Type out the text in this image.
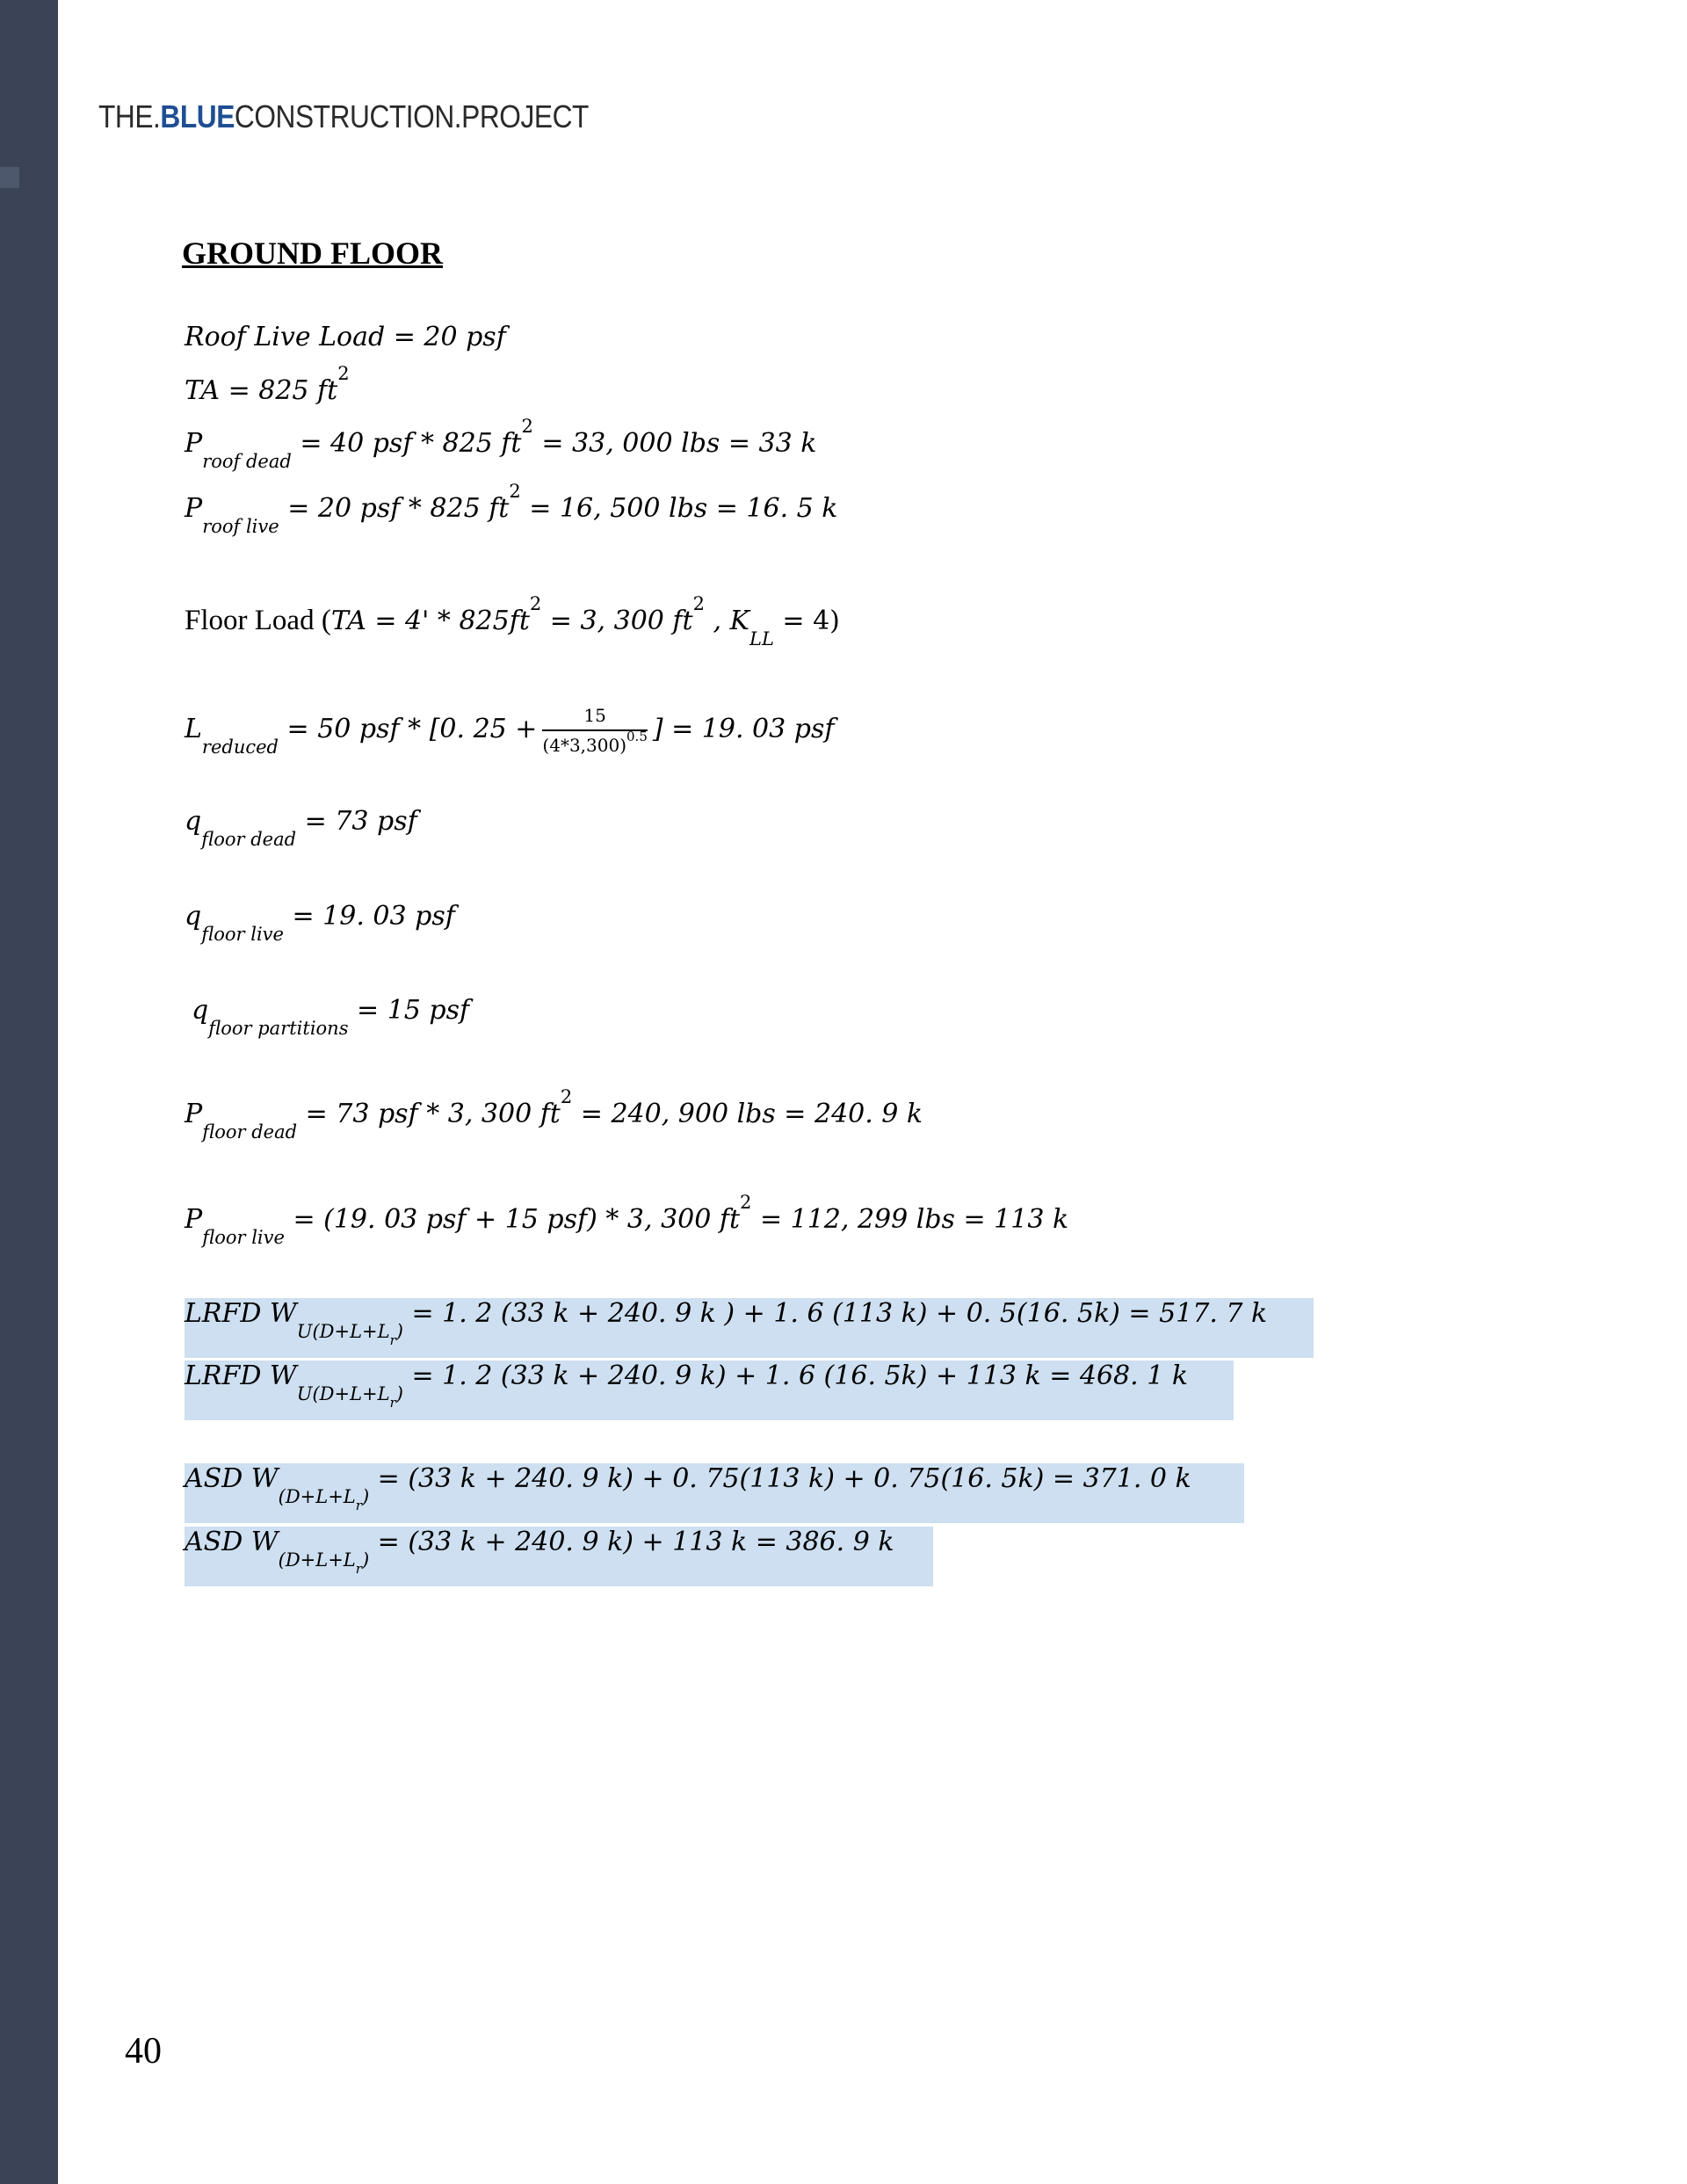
THE.BLUECONSTRUCTION.PROJECT
GROUND FLOOR
Roof Live Load = 20 psf
TA = 825 $ft^2$
$P_{roof dead} = 40$ psf * 825 $ft^2 = 33$, 000 lbs = 33 k
$P_{roof live} = 20$ psf * 825 $ft^2 = 16$, 500 lbs = 16. 5 k
Floor Load ($TA = 4' * 825ft^2 = 3$, 300 $ft^2$ , $K_{LL} = 4$)
$L_{reduced} = 50$ psf * [0. $25 + \frac{15}{(4*3,300)^{0.5}}$ ] = 19. 03 psf
$q_{floor dead} = 73$ psf
$q_{floor live} = 19$. 03 psf
$q_{floor partitions} = 15$ psf
$P_{floor dead} = 73$ psf * 3, 300 $ft^2 = 240$, 900 lbs = 240. 9 k
$P_{floor live} = (19$. 03 psf + 15 psf) * 3, 300 $ft^2 = 112$, 299 lbs = 113 k
LRFD $W_{U(D+L+L_r)} = 1$. 2 (33 k + 240. 9 k ) + 1. 6 (113 k) + 0. 5(16. 5k) = 517. 7 k
LRFD $W_{U(D+L+L_r)} = 1$. 2 (33 k + 240. 9 k) + 1. 6 (16. 5k) + 113 k = 468. 1 k
ASD $W_{(D+L+L_r)} = (33$ k + 240. 9 k) + 0. 75(113 k) + 0. 75(16. 5k) = 371. 0 k
ASD $W_{(D+L+L_r)} = (33$ k + 240. 9 k) + 113 k = 386. 9 k
40
